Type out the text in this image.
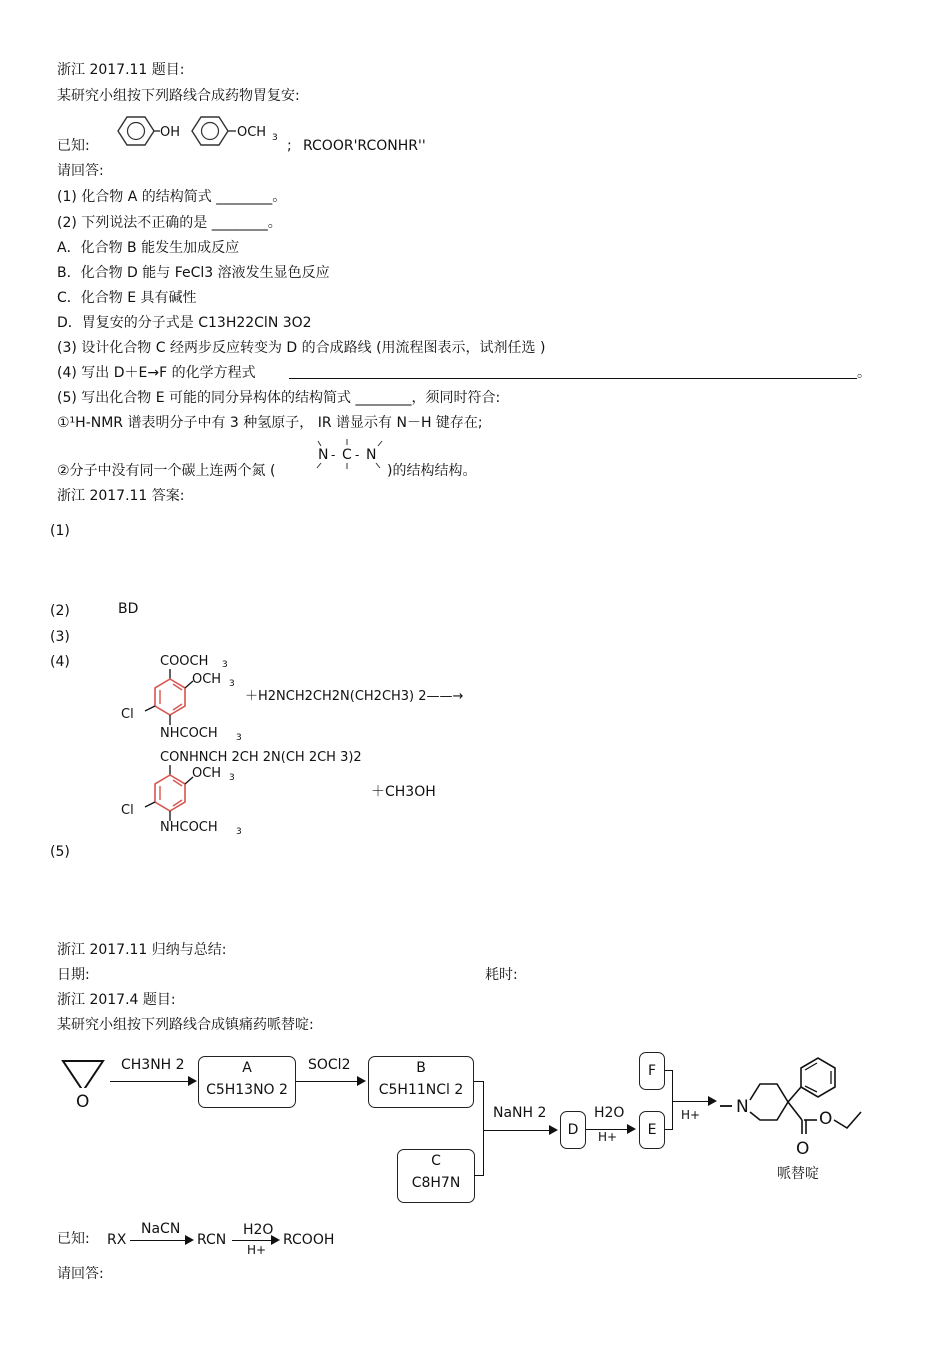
浙江 2017.11 题目:
某研究小组按下列路线合成药物胃复安:
已知:
OH	OCH 3 ; RCOOR'RCONHR''
请回答:
(1) 化合物 A 的结构简式 ________。
(2) 下列说法不正确的是 ________。
A．化合物 B 能发生加成反应
B．化合物 D 能与 FeCl3 溶液发生显色反应
C．化合物 E 具有碱性
D．胃复安的分子式是 C13H22ClN 3O2
(3) 设计化合物 C 经两步反应转变为 D 的合成路线 (用流程图表示，试剂任选 )
(4) 写出 D＋E→F 的化学方程式	。
(5) 写出化合物 E 可能的同分异构体的结构简式 ________，须同时符合:
①¹H-NMR 谱表明分子中有 3 种氢原子， IR 谱显示有 N－H 键存在;
②分子中没有同一个碳上连两个氮 (
N - C - N
)的结构结构。
浙江 2017.11 答案:
(1)
(2)	BD
(3)
(4)	COOCH 3
OCH 3
Cl
NHCOCH 3
＋H2NCH2CH2N(CH2CH3) 2——→
CONHNCH 2CH 2N(CH 2CH 3)2
OCH 3
Cl
NHCOCH 3
＋CH3OH
(5)
浙江 2017.11 归纳与总结:
日期:	耗时:
浙江 2017.4 题目:
某研究小组按下列路线合成镇痛药哌替啶:
O
CH3NH 2	A
C5H13NO 2
SOCl2	B
C5H11NCl 2
C
C8H7N
NaNH 2
D
H2O
H+	E
F
H+ N
O
O
哌替啶
已知: RX
NaCN
RCN
H2O
H+
RCOOH
请回答:
